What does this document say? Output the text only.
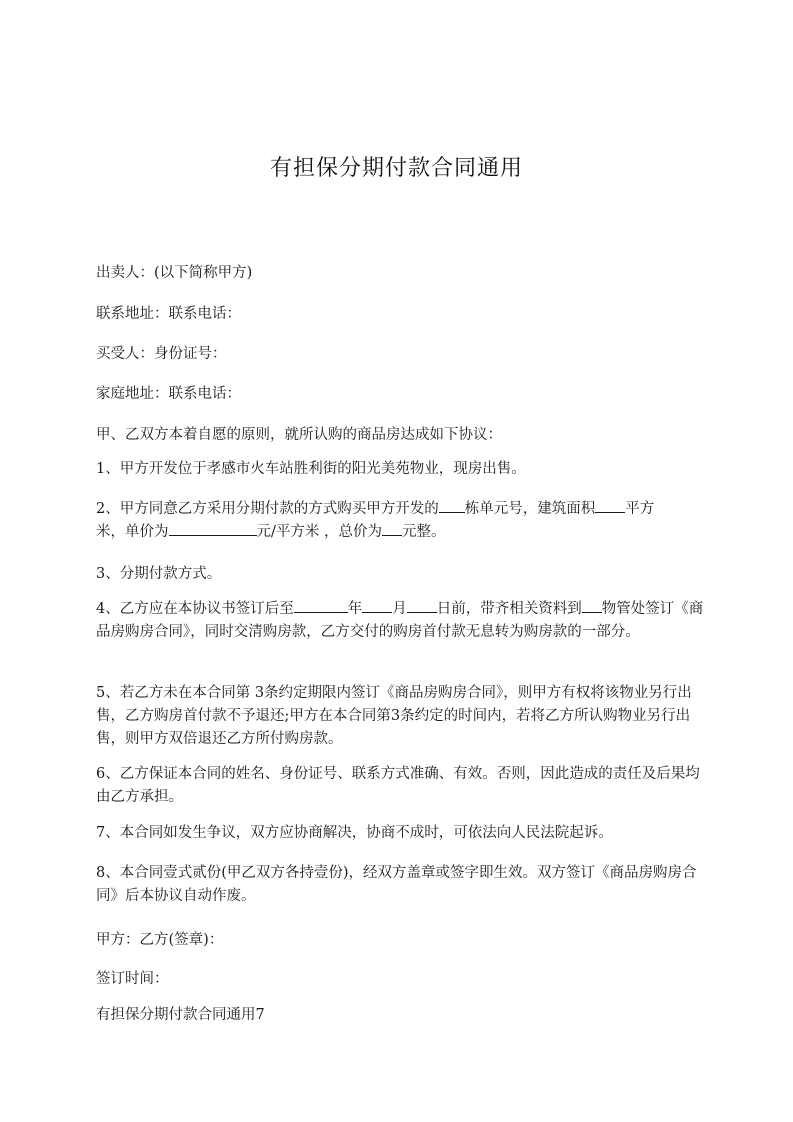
有担保分期付款合同通用

出卖人：(以下简称甲方)

联系地址：联系电话：

买受人：身份证号：

家庭地址：联系电话：

甲、乙双方本着自愿的原则，就所认购的商品房达成如下协议：

1、甲方开发位于孝感市火车站胜利街的阳光美苑物业，现房出售。

2、甲方同意乙方采用分期付款的方式购买甲方开发的 栋单元号，建筑面积 平方
米，单价为	元/平方米 ，总价为 元整。

3、分期付款方式。

4、乙方应在本协议书签订后至	年 月 日前，带齐相关资料到 物管处签订《商品房购房合同》，同时交清购房款，乙方交付的购房首付款无息转为购房款的一部分。

5、若乙方未在本合同第 3条约定期限内签订《商品房购房合同》，则甲方有权将该物业另行出售，乙方购房首付款不予退还;甲方在本合同第3条约定的时间内，若将乙方所认购物业另行出售，则甲方双倍退还乙方所付购房款。

6、乙方保证本合同的姓名、身份证号、联系方式准确、有效。否则，因此造成的责任及后果均由乙方承担。

7、本合同如发生争议，双方应协商解决，协商不成时，可依法向人民法院起诉。

8、本合同壹式贰份(甲乙双方各持壹份)，经双方盖章或签字即生效。双方签订《商品房购房合同》后本协议自动作废。

甲方：乙方(签章)：

签订时间：

有担保分期付款合同通用7
